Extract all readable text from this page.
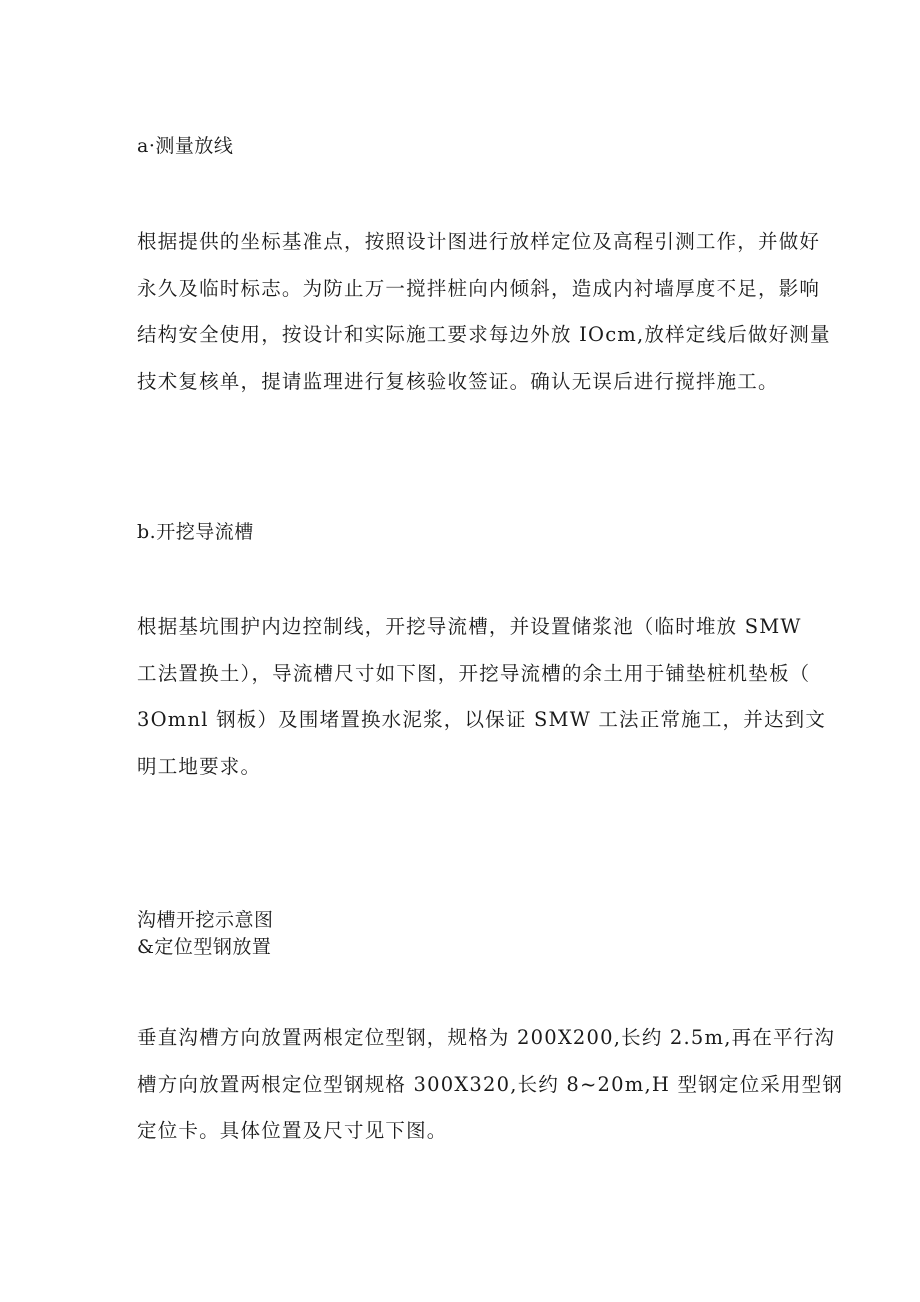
a·测量放线
根据提供的坐标基准点，按照设计图进行放样定位及高程引测工作，并做好
永久及临时标志。为防止万一搅拌桩向内倾斜，造成内衬墙厚度不足，影响
结构安全使用，按设计和实际施工要求每边外放 IOcm,放样定线后做好测量
技术复核单，提请监理进行复核验收签证。确认无误后进行搅拌施工。
b.开挖导流槽
根据基坑围护内边控制线，开挖导流槽，并设置储浆池（临时堆放 SMW
工法置换土），导流槽尺寸如下图，开挖导流槽的余土用于铺垫桩机垫板（
3Omnl 钢板）及围堵置换水泥浆，以保证 SMW 工法正常施工，并达到文
明工地要求。
沟槽开挖示意图
&定位型钢放置
垂直沟槽方向放置两根定位型钢，规格为 200X200,长约 2.5m,再在平行沟
槽方向放置两根定位型钢规格 300X320,长约 8~20m,H 型钢定位采用型钢
定位卡。具体位置及尺寸见下图。
